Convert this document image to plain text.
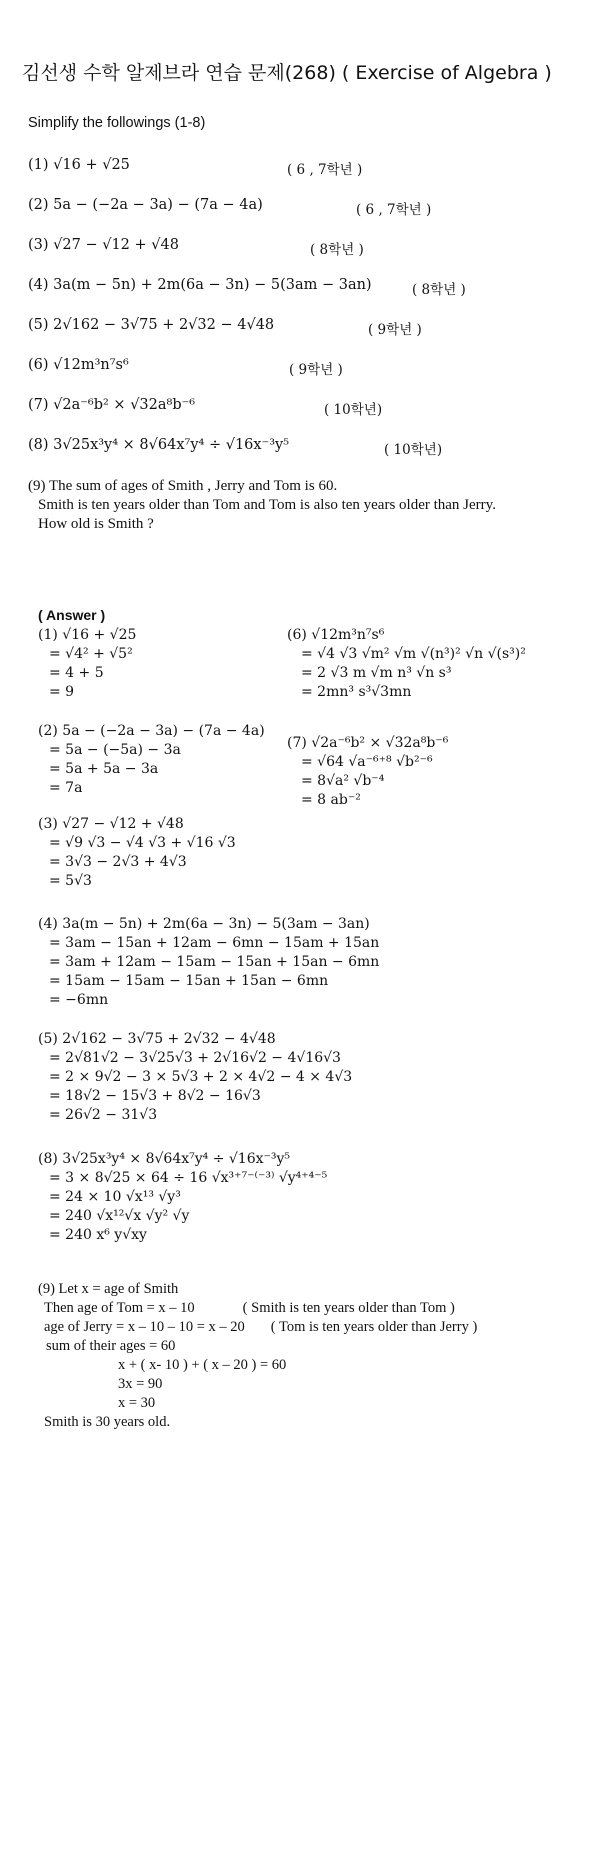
김선생 수학 알제브라 연습 문제(268) ( Exercise of Algebra )
Simplify the followings (1-8)
(1) √16 + √25	( 6 , 7학년 )
(2) 5a − (−2a − 3a) − (7a − 4a)	( 6 , 7학년 )
(3) √27 − √12 + √48	( 8학년 )
(4) 3a(m − 5n) + 2m(6a − 3n) − 5(3am − 3an)	( 8학년 )
(5) 2√162 − 3√75 + 2√32 − 4√48	( 9학년 )
(6) √12m³n⁷s⁶	( 9학년 )
(7) √2a⁻⁶b² × √32a⁸b⁻⁶	( 10학년)
(8) 3√25x³y⁴ × 8√64x⁷y⁴ ÷ √16x⁻³y⁵	( 10학년)
(9) The sum of ages of Smith , Jerry and Tom is 60.
Smith is ten years older than Tom and Tom is also ten years older than Jerry.
How old is Smith ?
( Answer )
(1) √16 + √25
= √4² + √5²
= 4 + 5
= 9
(6) √12m³n⁷s⁶
= √4 √3 √m² √m √(n³)² √n √(s³)²
= 2 √3 m √m n³ √n s³
= 2mn³ s³√3mn
(2) 5a − (−2a − 3a) − (7a − 4a)
= 5a − (−5a) − 3a
= 5a + 5a − 3a
= 7a
(7) √2a⁻⁶b² × √32a⁸b⁻⁶
= √64 √a⁻⁶⁺⁸ √b²⁻⁶
= 8√a² √b⁻⁴
= 8 ab⁻²
(3) √27 − √12 + √48
= √9 √3 − √4 √3 + √16 √3
= 3√3 − 2√3 + 4√3
= 5√3
(4) 3a(m − 5n) + 2m(6a − 3n) − 5(3am − 3an)
= 3am − 15an + 12am − 6mn − 15am + 15an
= 3am + 12am − 15am − 15an + 15an − 6mn
= 15am − 15am − 15an + 15an − 6mn
= −6mn
(5) 2√162 − 3√75 + 2√32 − 4√48
= 2√81√2 − 3√25√3 + 2√16√2 − 4√16√3
= 2 × 9√2 − 3 × 5√3 + 2 × 4√2 − 4 × 4√3
= 18√2 − 15√3 + 8√2 − 16√3
= 26√2 − 31√3
(8) 3√25x³y⁴ × 8√64x⁷y⁴ ÷ √16x⁻³y⁵
= 3 × 8√25 × 64 ÷ 16 √x³⁺⁷⁻⁽⁻³⁾ √y⁴⁺⁴⁻⁵
= 24 × 10 √x¹³ √y³
= 240 √x¹²√x √y² √y
= 240 x⁶ y√xy
(9) Let x = age of Smith
Then age of Tom = x – 10	( Smith is ten years older than Tom )
age of Jerry = x – 10 – 10 = x – 20 ( Tom is ten years older than Jerry )
sum of their ages = 60
x + ( x- 10 ) + ( x – 20 ) = 60
3x = 90
x = 30
Smith is 30 years old.
